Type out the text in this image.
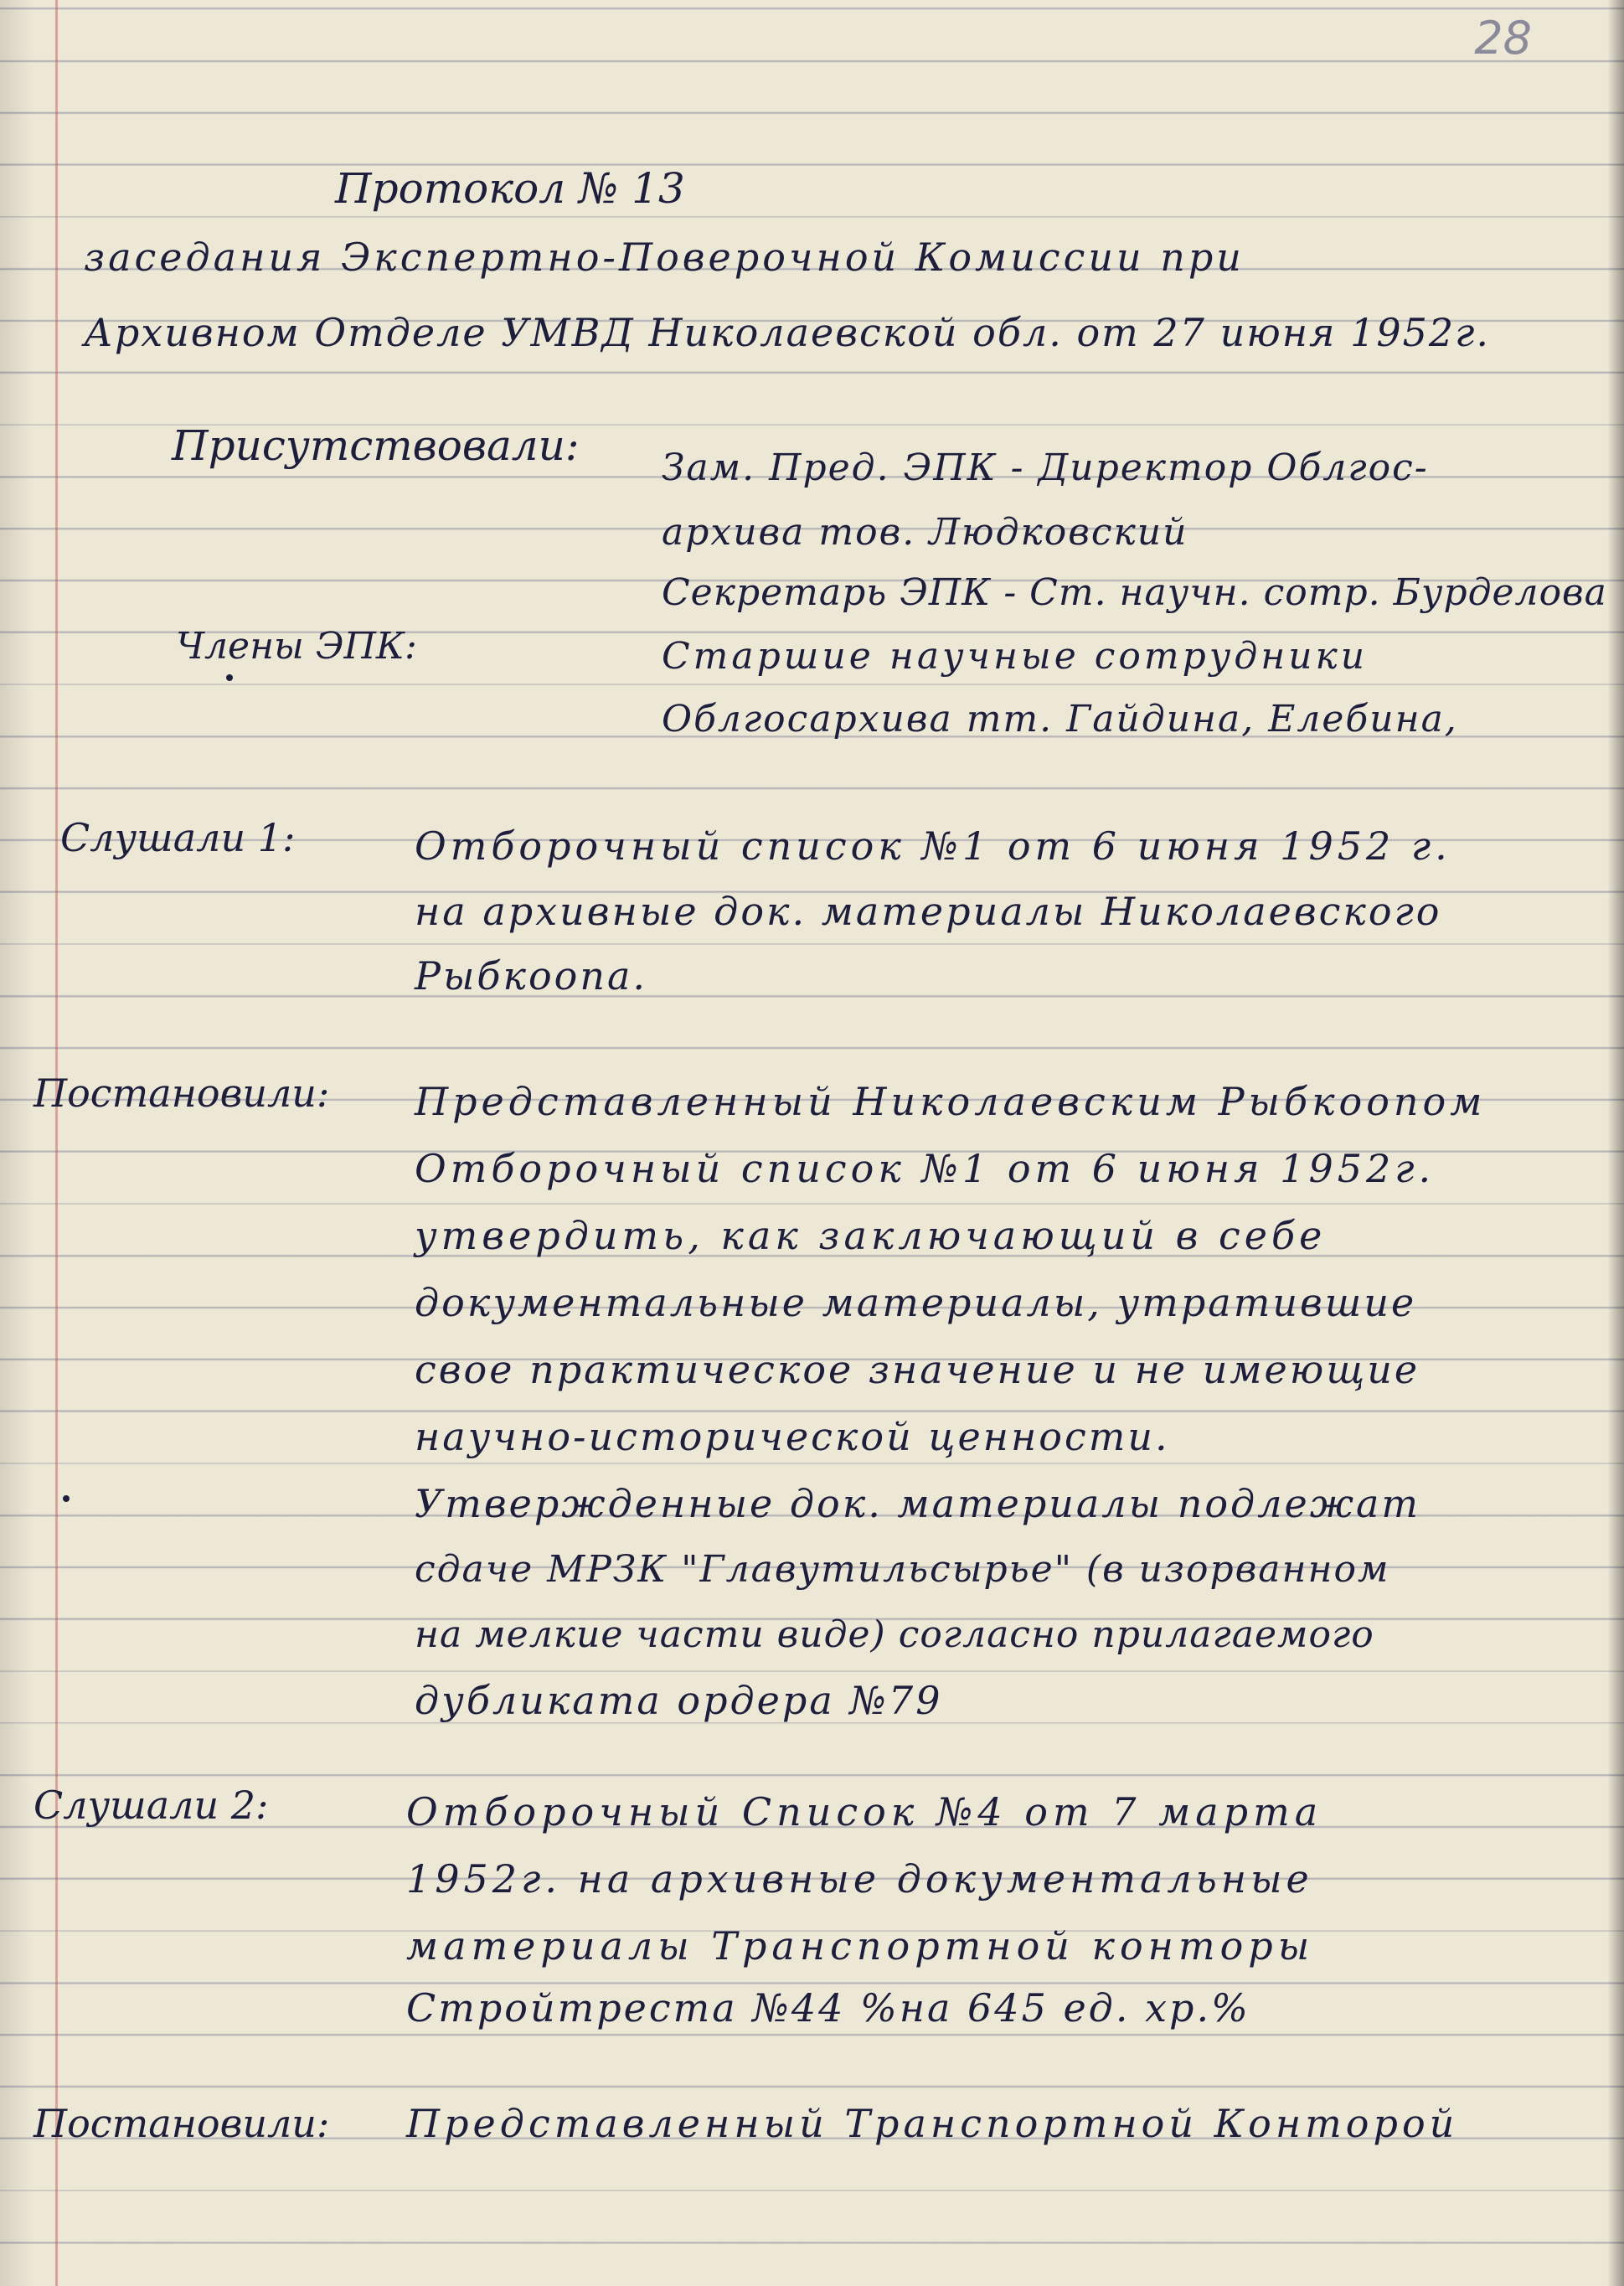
28
Протокол № 13
заседания Экспертно-Поверочной Комиссии при
Архивном Отделе УМВД Николаевской обл. от 27 июня 1952г.
Присутствовали: Зам. Пред. ЭПК - Директор Облгос-
архива тов. Людковский
Секретарь ЭПК - Ст. научн. сотр. Бурделова
Члены ЭПК:	Старшие научные сотрудники
Облгосархива тт. Гайдина, Елебина,
Слушали 1:	Отборочный список №1 от 6 июня 1952 г.
на архивные док. материалы Николаевского
Рыбкоопа.
Постановили: Представленный Николаевским Рыбкоопом
Отборочный список №1 от 6 июня 1952г.
утвердить, как заключающий в себе
документальные материалы, утратившие
свое практическое значение и не имеющие
научно-исторической ценности.
Утвержденные док. материалы подлежат
сдаче МРЗК "Главутильсырье" (в изорванном
на мелкие части виде) согласно прилагаемого
дубликата ордера №79
Слушали 2:	Отборочный Список №4 от 7 марта
1952г. на архивные документальные
материалы Транспортной конторы
Стройтреста №44 %на 645 ед. хр.%
Постановили: Представленный Транспортной Конторой
